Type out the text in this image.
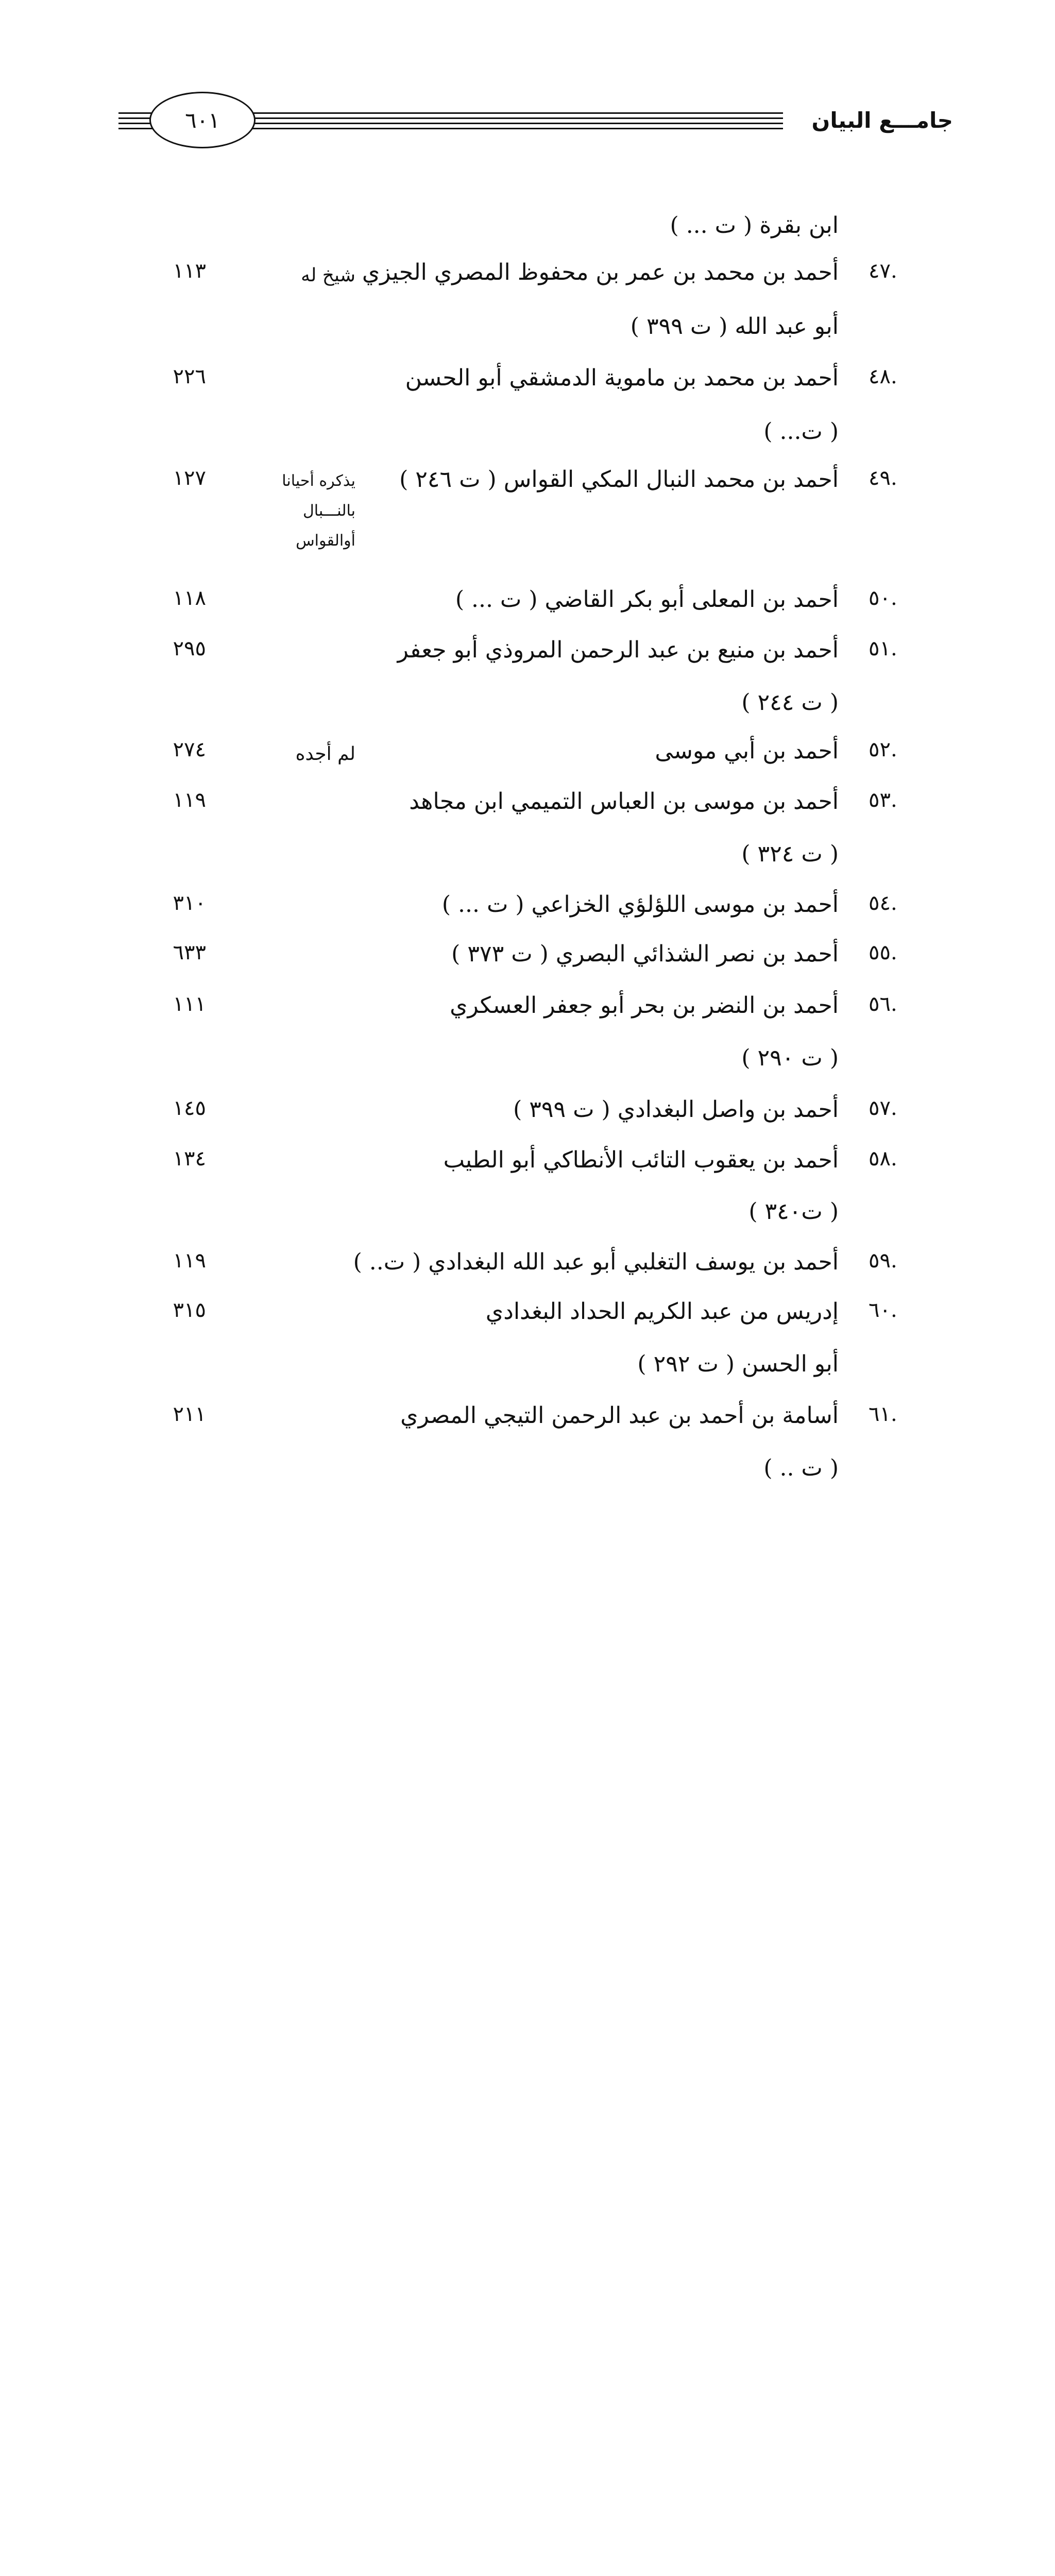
جامـــع البيان
٦٠١
ابن بقرة ( ت ... )
.٤٧
أحمد بن محمد بن عمر بن محفوظ المصري الجيزي
شيخ له
١١٣
أبو عبد الله ( ت ٣٩٩ )
.٤٨
أحمد بن محمد بن ماموية الدمشقي أبو الحسن
٢٢٦
( ت... )
.٤٩
أحمد بن محمد النبال المكي القواس ( ت ٢٤٦ )
يذكره أحيانا
بالنـــبال
أوالقواس
١٢٧
.٥٠
أحمد بن المعلى أبو بكر القاضي ( ت ... )
١١٨
.٥١
أحمد بن منيع بن عبد الرحمن المروذي أبو جعفر
٢٩٥
( ت ٢٤٤ )
.٥٢
أحمد بن أبي موسى
لم أجده
٢٧٤
.٥٣
أحمد بن موسى بن العباس التميمي ابن مجاهد
١١٩
( ت ٣٢٤ )
.٥٤
أحمد بن موسى اللؤلؤي الخزاعي ( ت ... )
٣١٠
.٥٥
أحمد بن نصر الشذائي البصري ( ت ٣٧٣ )
٦٣٣
.٥٦
أحمد بن النضر بن بحر أبو جعفر العسكري
١١١
( ت ٢٩٠ )
.٥٧
أحمد بن واصل البغدادي ( ت ٣٩٩ )
١٤٥
.٥٨
أحمد بن يعقوب التائب الأنطاكي أبو الطيب
١٣٤
( ت٣٤٠ )
.٥٩
أحمد بن يوسف التغلبي أبو عبد الله البغدادي ( ت.. )
١١٩
.٦٠
إدريس من عبد الكريم الحداد البغدادي
٣١٥
أبو الحسن ( ت ٢٩٢ )
.٦١
أسامة بن أحمد بن عبد الرحمن التيجي المصري
٢١١
( ت .. )
